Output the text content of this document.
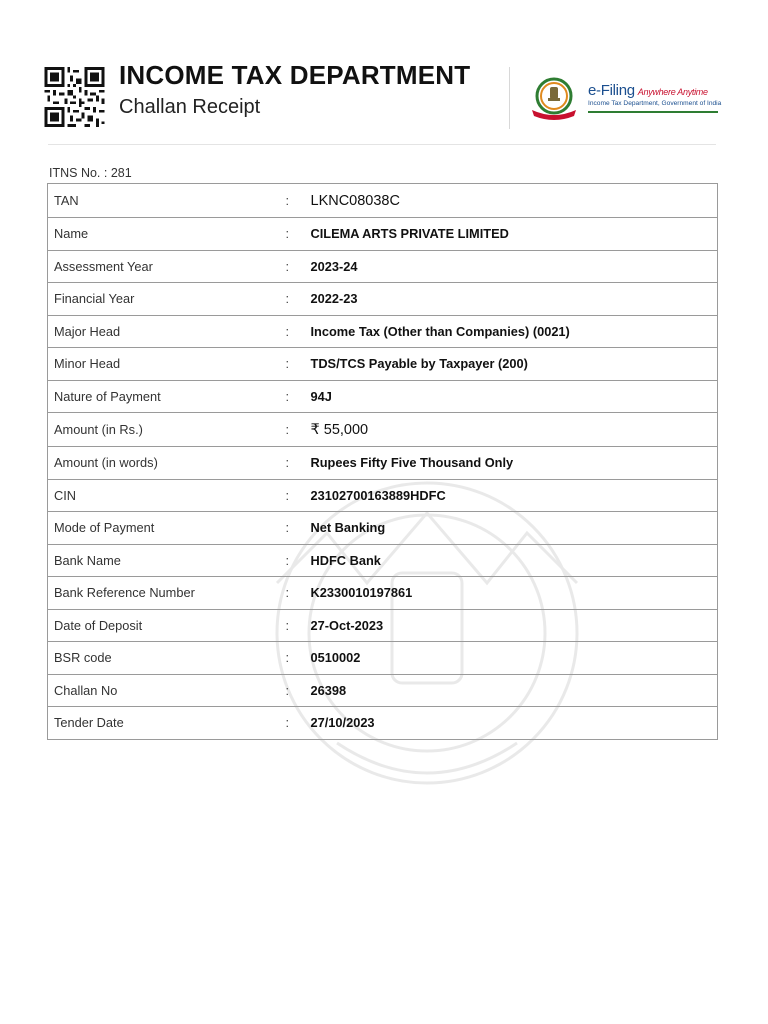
INCOME TAX DEPARTMENT
Challan Receipt
e-Filing Anywhere Anytime
Income Tax Department, Government of India
ITNS No. : 281
TAN	:	LKNC08038C
Name	:	CILEMA ARTS PRIVATE LIMITED
Assessment Year	:	2023-24
Financial Year	:	2022-23
Major Head	:	Income Tax (Other than Companies) (0021)
Minor Head	:	TDS/TCS Payable by Taxpayer (200)
Nature of Payment	:	94J
Amount (in Rs.)	:	₹ 55,000
Amount (in words)	:	Rupees Fifty Five Thousand Only
CIN	:	23102700163889HDFC
Mode of Payment	:	Net Banking
Bank Name	:	HDFC Bank
Bank Reference Number	:	K2330010197861
Date of Deposit	:	27-Oct-2023
BSR code	:	0510002
Challan No	:	26398
Tender Date	:	27/10/2023
